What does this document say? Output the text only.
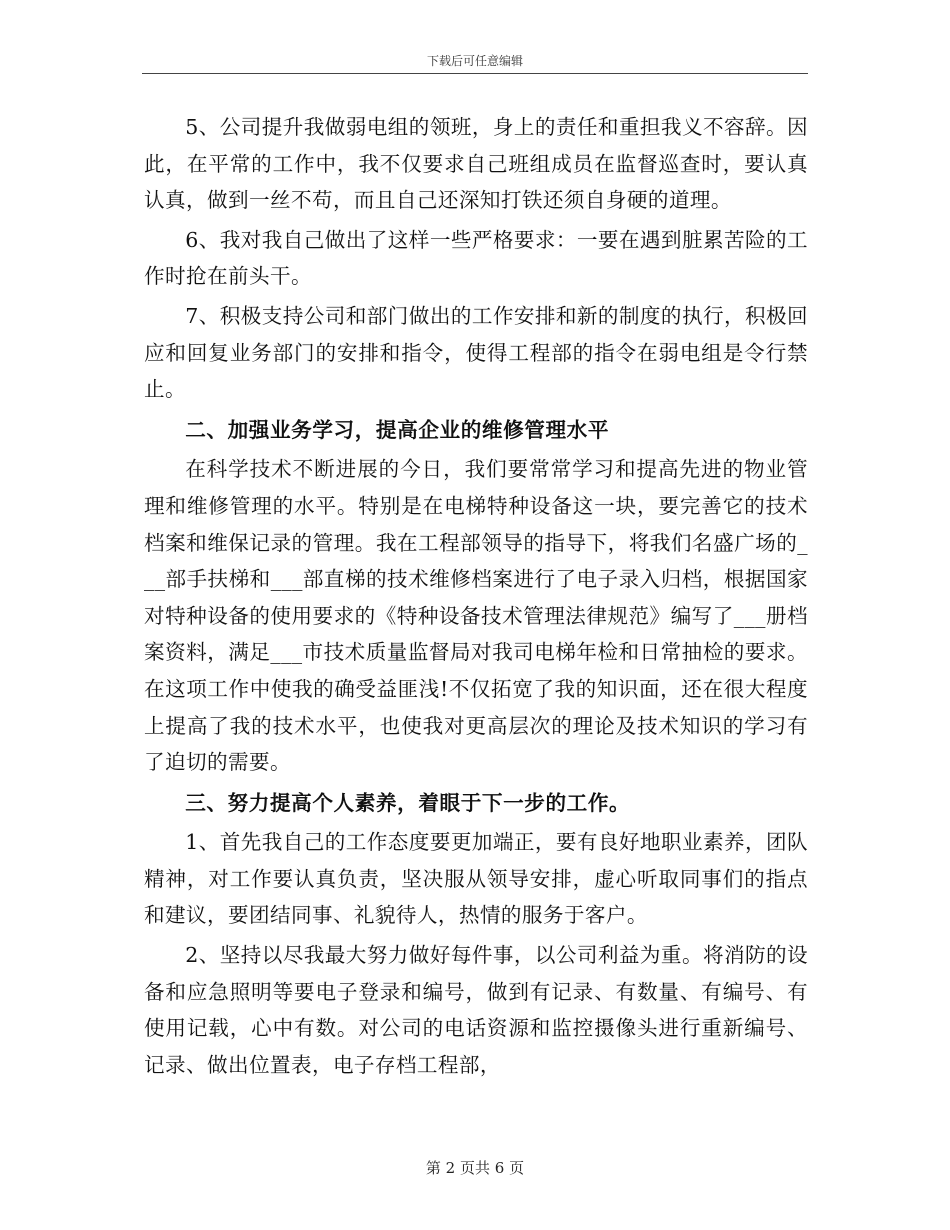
下载后可任意编辑

5、公司提升我做弱电组的领班，身上的责任和重担我义不容辞。因此，在平常的工作中，我不仅要求自己班组成员在监督巡查时，要认真认真，做到一丝不苟，而且自己还深知打铁还须自身硬的道理。

6、我对我自己做出了这样一些严格要求：一要在遇到脏累苦险的工作时抢在前头干。

7、积极支持公司和部门做出的工作安排和新的制度的执行，积极回应和回复业务部门的安排和指令，使得工程部的指令在弱电组是令行禁止。

二、加强业务学习，提高企业的维修管理水平

在科学技术不断进展的今日，我们要常常学习和提高先进的物业管理和维修管理的水平。特别是在电梯特种设备这一块，要完善它的技术档案和维保记录的管理。我在工程部领导的指导下，将我们名盛广场的___部手扶梯和___部直梯的技术维修档案进行了电子录入归档，根据国家对特种设备的使用要求的《特种设备技术管理法律规范》编写了___册档案资料，满足___市技术质量监督局对我司电梯年检和日常抽检的要求。在这项工作中使我的确受益匪浅!不仅拓宽了我的知识面，还在很大程度上提高了我的技术水平，也使我对更高层次的理论及技术知识的学习有了迫切的需要。

三、努力提高个人素养，着眼于下一步的工作。

1、首先我自己的工作态度要更加端正，要有良好地职业素养，团队精神，对工作要认真负责，坚决服从领导安排，虚心听取同事们的指点和建议，要团结同事、礼貌待人，热情的服务于客户。

2、坚持以尽我最大努力做好每件事，以公司利益为重。将消防的设备和应急照明等要电子登录和编号，做到有记录、有数量、有编号、有使用记载，心中有数。对公司的电话资源和监控摄像头进行重新编号、记录、做出位置表，电子存档工程部，

第 2 页共 6 页
